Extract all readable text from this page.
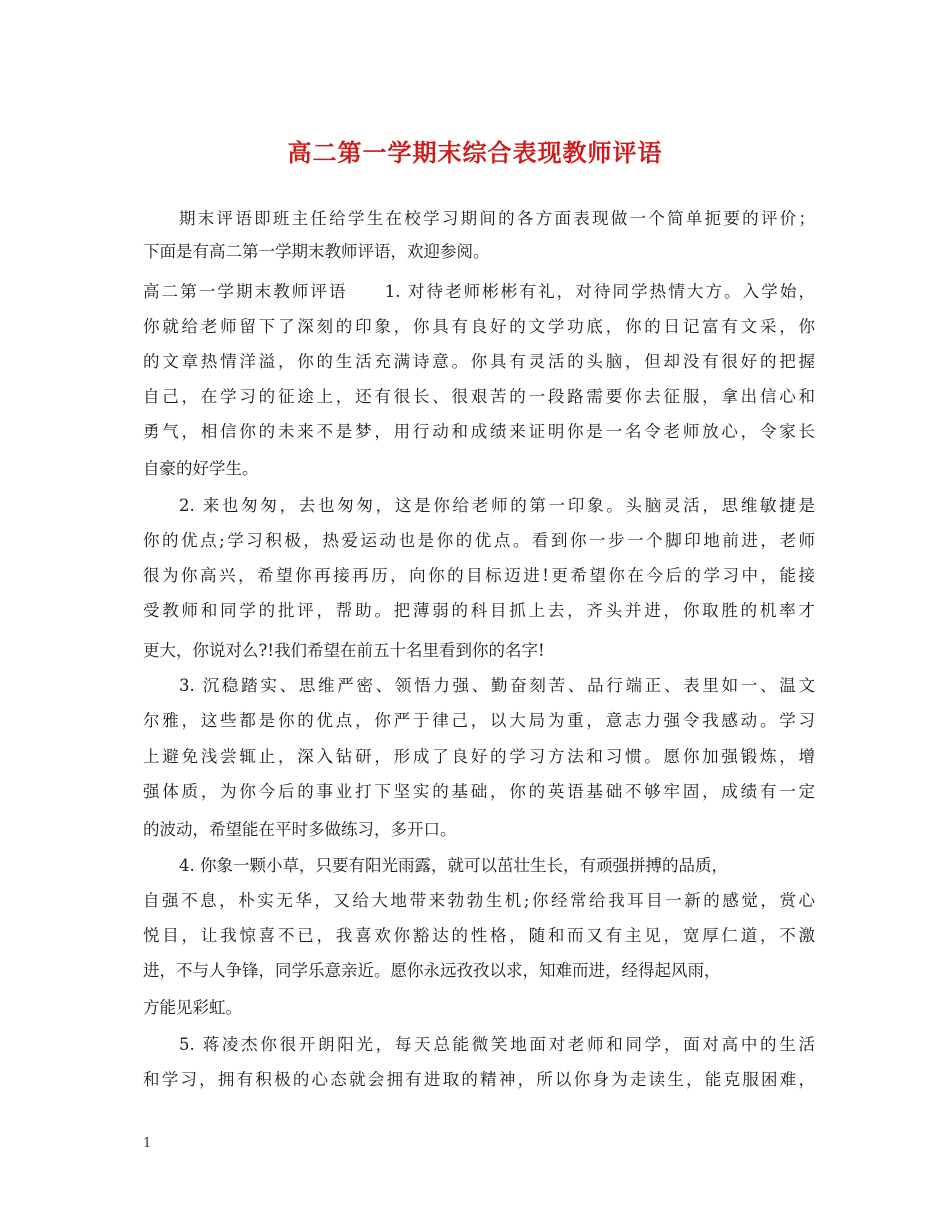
高二第一学期末综合表现教师评语

期末评语即班主任给学生在校学习期间的各方面表现做一个简单扼要的评价；

下面是有高二第一学期末教师评语，欢迎参阅。

高二第一学期末教师评语　　1. 对待老师彬彬有礼，对待同学热情大方。入学始，

你就给老师留下了深刻的印象，你具有良好的文学功底，你的日记富有文采，你

的文章热情洋溢，你的生活充满诗意。你具有灵活的头脑，但却没有很好的把握

自己，在学习的征途上，还有很长、很艰苦的一段路需要你去征服，拿出信心和

勇气，相信你的未来不是梦，用行动和成绩来证明你是一名令老师放心，令家长

自豪的好学生。

2. 来也匆匆，去也匆匆，这是你给老师的第一印象。头脑灵活，思维敏捷是

你的优点;学习积极，热爱运动也是你的优点。看到你一步一个脚印地前进，老师

很为你高兴，希望你再接再历，向你的目标迈进!更希望你在今后的学习中，能接

受教师和同学的批评，帮助。把薄弱的科目抓上去，齐头并进，你取胜的机率才

更大，你说对么?!我们希望在前五十名里看到你的名字!

3. 沉稳踏实、思维严密、领悟力强、勤奋刻苦、品行端正、表里如一、温文

尔雅，这些都是你的优点，你严于律己，以大局为重，意志力强令我感动。学习

上避免浅尝辄止，深入钻研，形成了良好的学习方法和习惯。愿你加强锻炼，增

强体质，为你今后的事业打下坚实的基础，你的英语基础不够牢固，成绩有一定

的波动，希望能在平时多做练习，多开口。

4. 你象一颗小草，只要有阳光雨露，就可以茁壮生长，有顽强拼搏的品质，

自强不息，朴实无华，又给大地带来勃勃生机;你经常给我耳目一新的感觉，赏心

悦目，让我惊喜不已，我喜欢你豁达的性格，随和而又有主见，宽厚仁道，不激

进，不与人争锋，同学乐意亲近。愿你永远孜孜以求，知难而进，经得起风雨，

方能见彩虹。

5. 蒋凌杰你很开朗阳光，每天总能微笑地面对老师和同学，面对高中的生活

和学习，拥有积极的心态就会拥有进取的精神，所以你身为走读生，能克服困难，

1
